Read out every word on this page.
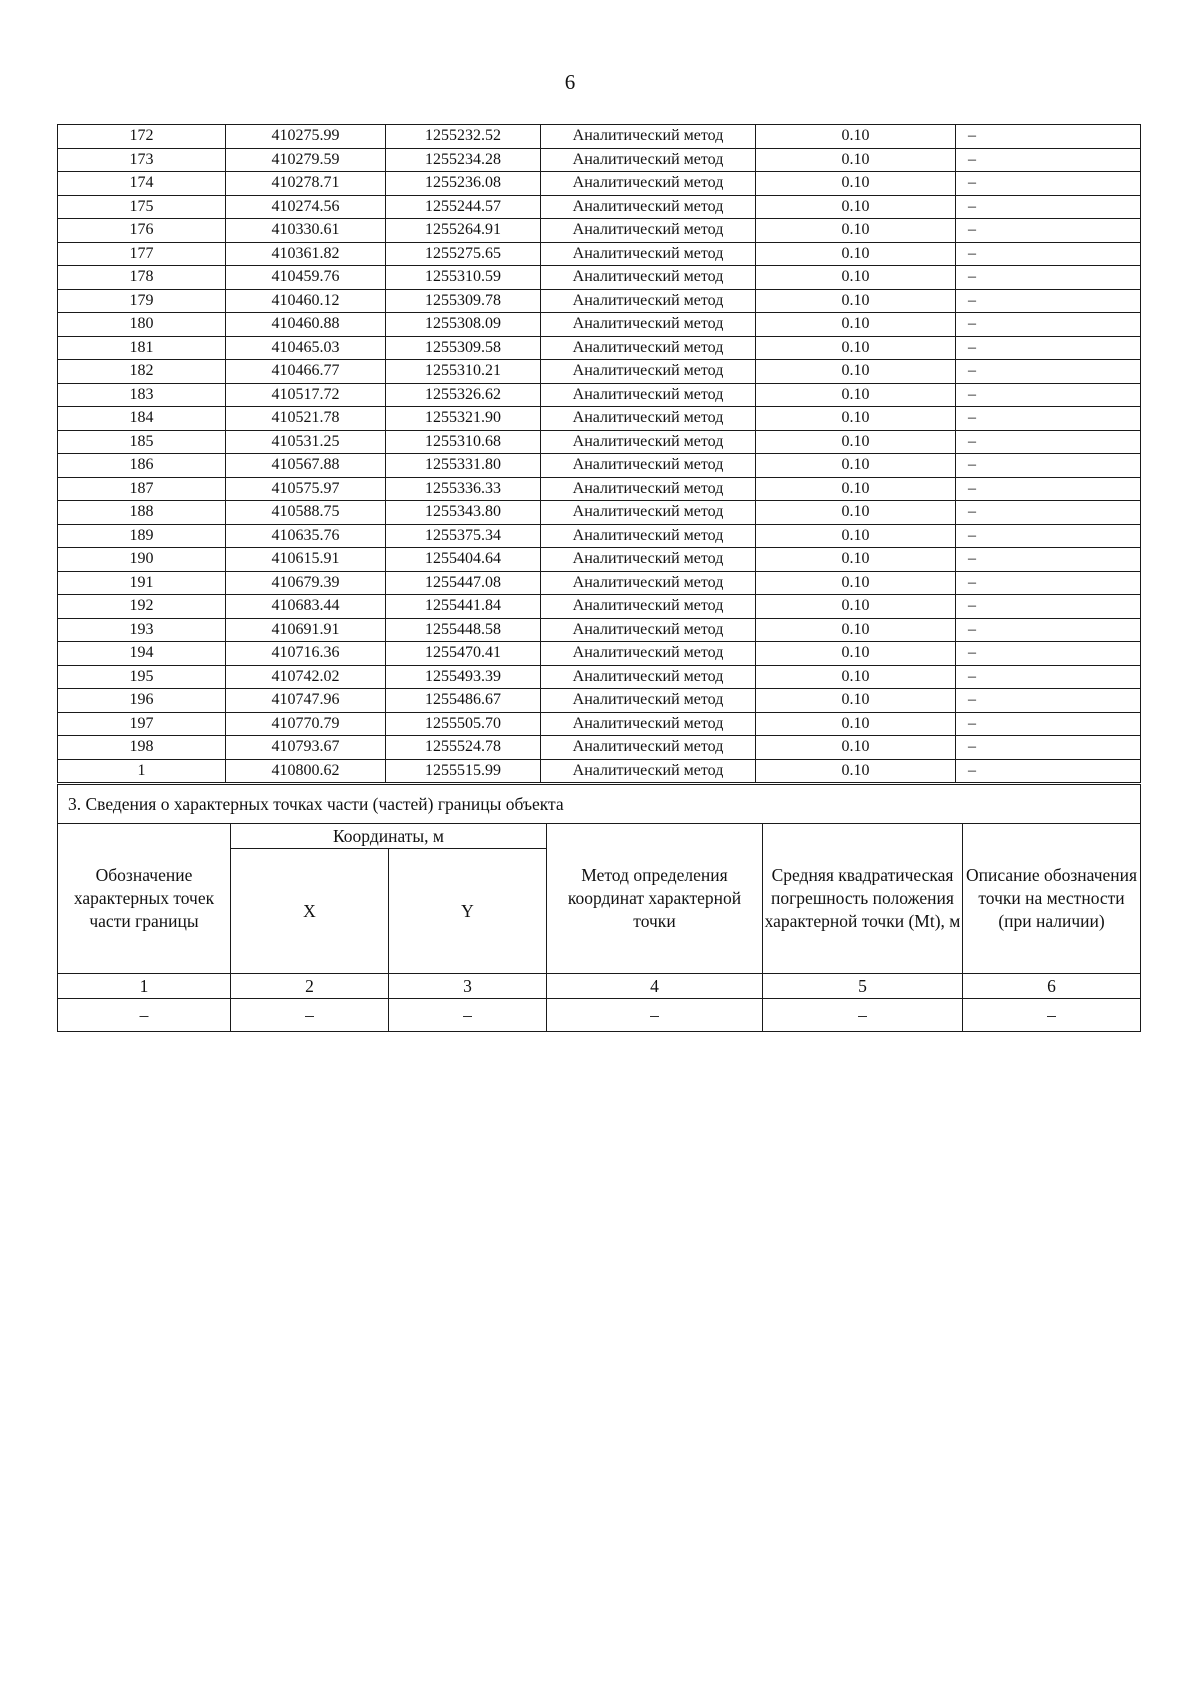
6
172	410275.99	1255232.52	Аналитический метод	0.10	–
173	410279.59	1255234.28	Аналитический метод	0.10	–
174	410278.71	1255236.08	Аналитический метод	0.10	–
175	410274.56	1255244.57	Аналитический метод	0.10	–
176	410330.61	1255264.91	Аналитический метод	0.10	–
177	410361.82	1255275.65	Аналитический метод	0.10	–
178	410459.76	1255310.59	Аналитический метод	0.10	–
179	410460.12	1255309.78	Аналитический метод	0.10	–
180	410460.88	1255308.09	Аналитический метод	0.10	–
181	410465.03	1255309.58	Аналитический метод	0.10	–
182	410466.77	1255310.21	Аналитический метод	0.10	–
183	410517.72	1255326.62	Аналитический метод	0.10	–
184	410521.78	1255321.90	Аналитический метод	0.10	–
185	410531.25	1255310.68	Аналитический метод	0.10	–
186	410567.88	1255331.80	Аналитический метод	0.10	–
187	410575.97	1255336.33	Аналитический метод	0.10	–
188	410588.75	1255343.80	Аналитический метод	0.10	–
189	410635.76	1255375.34	Аналитический метод	0.10	–
190	410615.91	1255404.64	Аналитический метод	0.10	–
191	410679.39	1255447.08	Аналитический метод	0.10	–
192	410683.44	1255441.84	Аналитический метод	0.10	–
193	410691.91	1255448.58	Аналитический метод	0.10	–
194	410716.36	1255470.41	Аналитический метод	0.10	–
195	410742.02	1255493.39	Аналитический метод	0.10	–
196	410747.96	1255486.67	Аналитический метод	0.10	–
197	410770.79	1255505.70	Аналитический метод	0.10	–
198	410793.67	1255524.78	Аналитический метод	0.10	–
1	410800.62	1255515.99	Аналитический метод	0.10	–
3. Сведения о характерных точках части (частей) границы объекта					
Обозначение характерных точек части границы	Координаты, м		Метод определения координат характерной точки	Средняя квадратическая погрешность положения характерной точки (Мt), м	Описание обозначения точки на местности (при наличии)
	X	Y			
1	2	3	4	5	6
–	–	–	–	–	–
